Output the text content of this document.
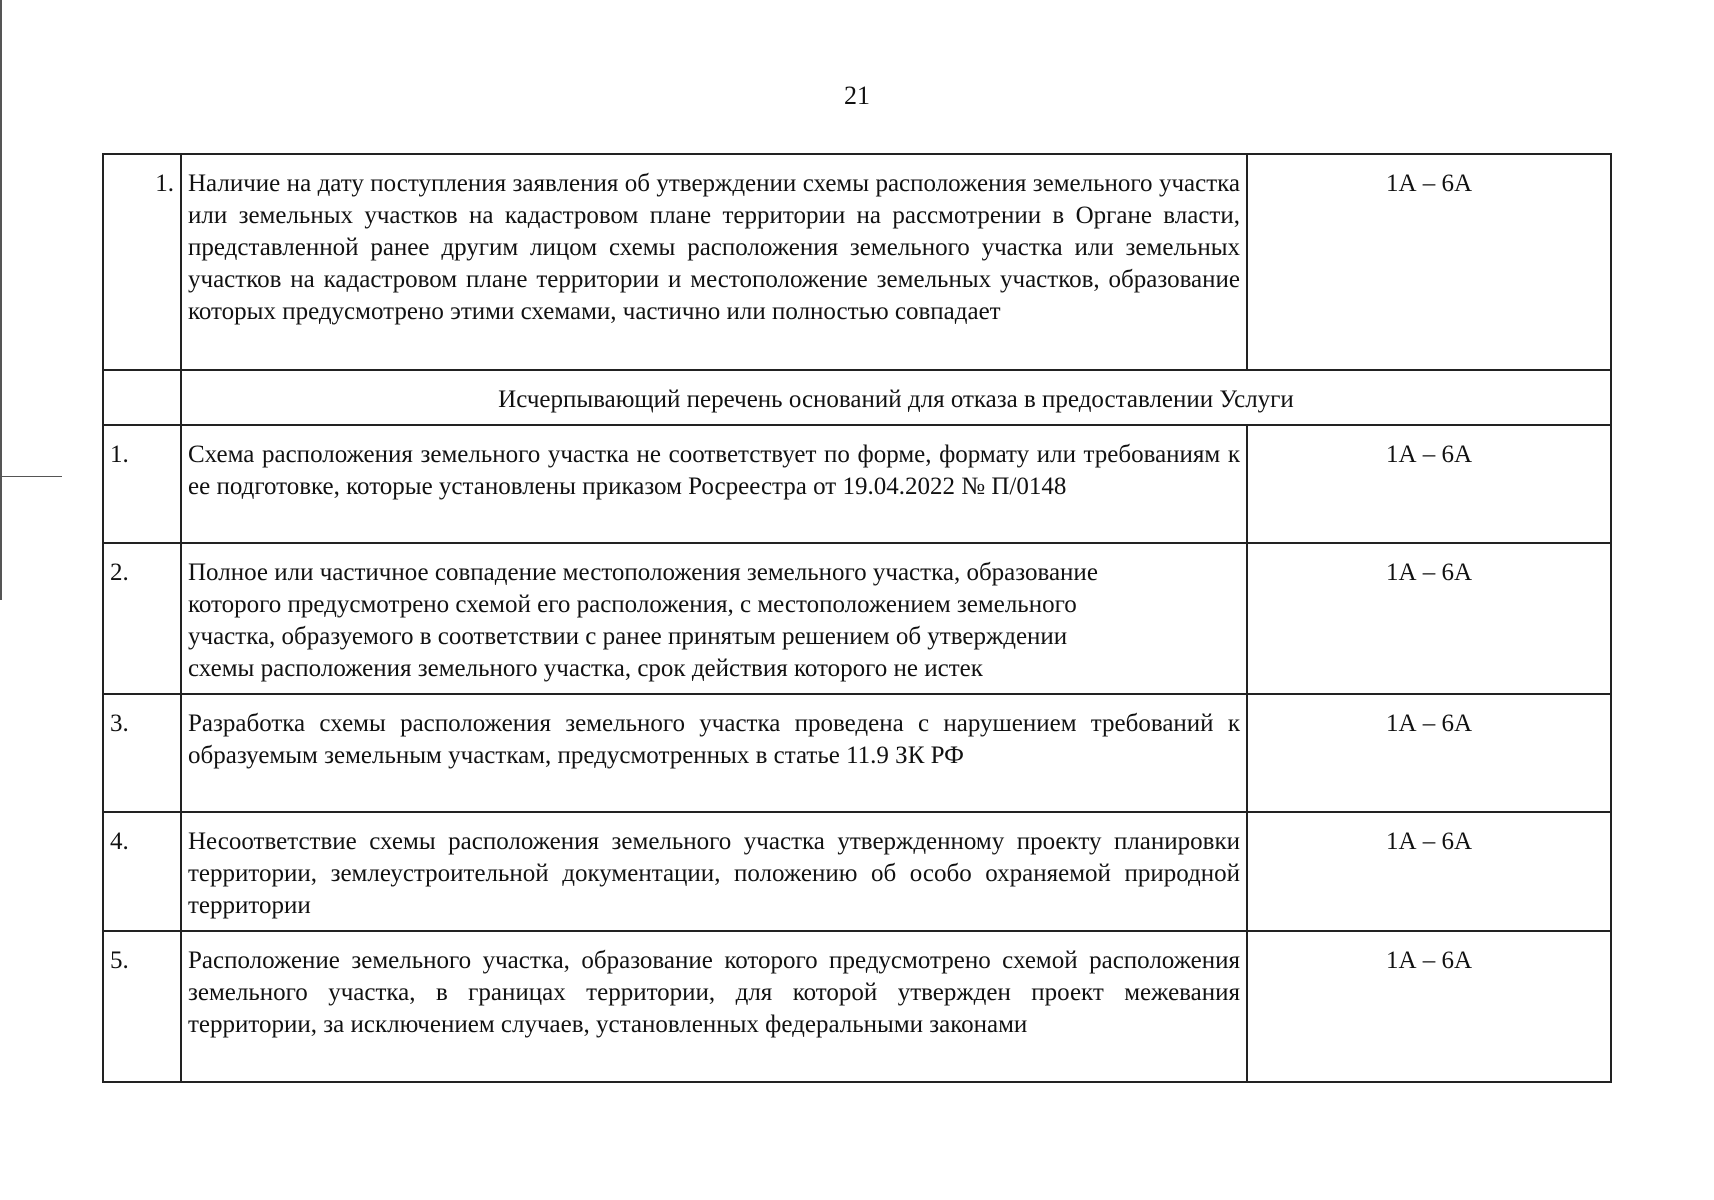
21
1.	Наличие на дату поступления заявления об утверждении схемы расположения земельного участка или земельных участков на кадастровом плане территории на рассмотрении в Органе власти, представленной ранее другим лицом схемы расположения земельного участка или земельных участков на кадастровом плане территории и местоположение земельных участков, образование которых предусмотрено этими схемами, частично или полностью совпадает	1А – 6А
	Исчерпывающий перечень оснований для отказа в предоставлении Услуги	
1.	Схема расположения земельного участка не соответствует по форме, формату или требованиям к ее подготовке, которые установлены приказом Росреестра от 19.04.2022 № П/0148	1А – 6А
2.	Полное или частичное совпадение местоположения земельного участка, образование

которого предусмотрено схемой его расположения, с местоположением земельного

участка, образуемого в соответствии с ранее принятым решением об утверждении

схемы расположения земельного участка, срок действия которого не истек	1А – 6А
3.	Разработка схемы расположения земельного участка проведена с нарушением требований к образуемым земельным участкам, предусмотренных в статье 11.9 ЗК РФ	1А – 6А
4.	Несоответствие схемы расположения земельного участка утвержденному проекту планировки территории, землеустроительной документации, положению об особо охраняемой природной территории	1А – 6А
5.	Расположение земельного участка, образование которого предусмотрено схемой расположения земельного участка, в границах территории, для которой утвержден проект межевания территории, за исключением случаев, установленных федеральными законами	1А – 6А
